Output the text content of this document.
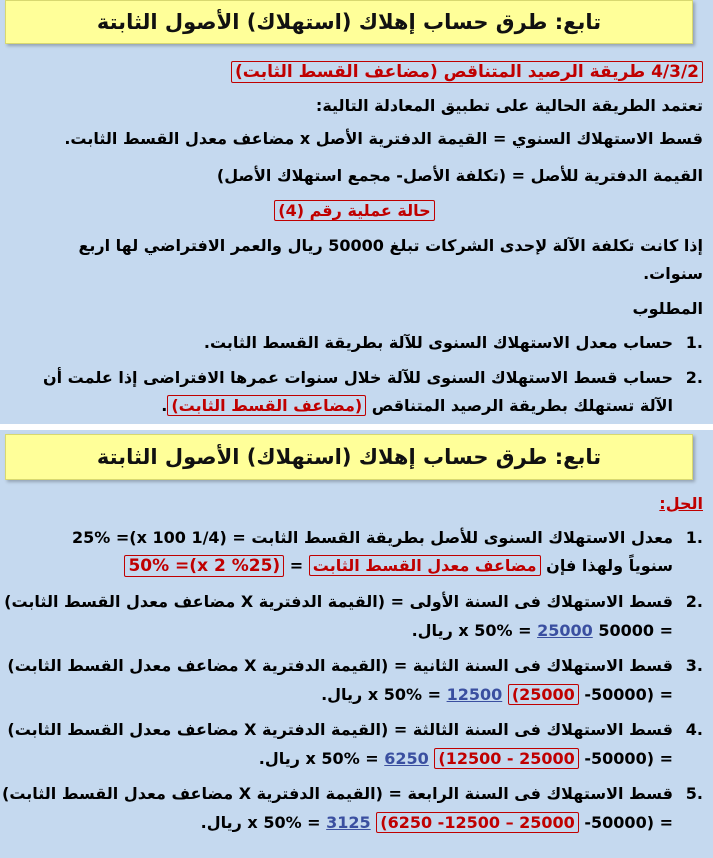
تابع: طرق حساب إهلاك (استهلاك) الأصول الثابتة
4/3/2 طريقة الرصيد المتناقص (مضاعف القسط الثابت)
تعتمد الطريقة الحالية على تطبيق المعادلة التالية:
قسط الاستهلاك السنوي = القيمة الدفترية الأصل x مضاعف معدل القسط الثابت.
القيمة الدفترية للأصل = (تكلفة الأصل- مجمع استهلاك الأصل)
حالة عملية رقم (4)
إذا كانت تكلفة الآلة لإحدى الشركات تبلغ 50000 ريال والعمر الافتراضي لها اربع
سنوات.
المطلوب
.1حساب معدل الاستهلاك السنوى للآلة بطريقة القسط الثابت.
.2حساب قسط الاستهلاك السنوى للآلة خلال سنوات عمرها الافتراضى إذا علمت أن
الآلة تستهلك بطريقة الرصيد المتناقص (مضاعف القسط الثابت).
تابع: طرق حساب إهلاك (استهلاك) الأصول الثابتة
الحل:
.1معدل الاستهلاك السنوى للأصل بطريقة القسط الثابت = (1/4 x 100)= 25%
سنوياً ولهذا فإن مضاعف معدل القسط الثابت = (25% x 2)= 50%
.2قسط الاستهلاك فى السنة الأولى = (القيمة الدفترية X مضاعف معدل القسط الثابت)
= 50000 x 50% = 25000 ريال.
.3قسط الاستهلاك فى السنة الثانية = (القيمة الدفترية X مضاعف معدل القسط الثابت)
= (50000- 25000) x 50% = 12500 ريال.
.4قسط الاستهلاك فى السنة الثالثة = (القيمة الدفترية X مضاعف معدل القسط الثابت)
= (50000- 25000 - 12500) x 50% = 6250 ريال.
.5قسط الاستهلاك فى السنة الرابعة = (القيمة الدفترية X مضاعف معدل القسط الثابت)
= (50000- 25000 – 12500- 6250) x 50% = 3125 ريال.
